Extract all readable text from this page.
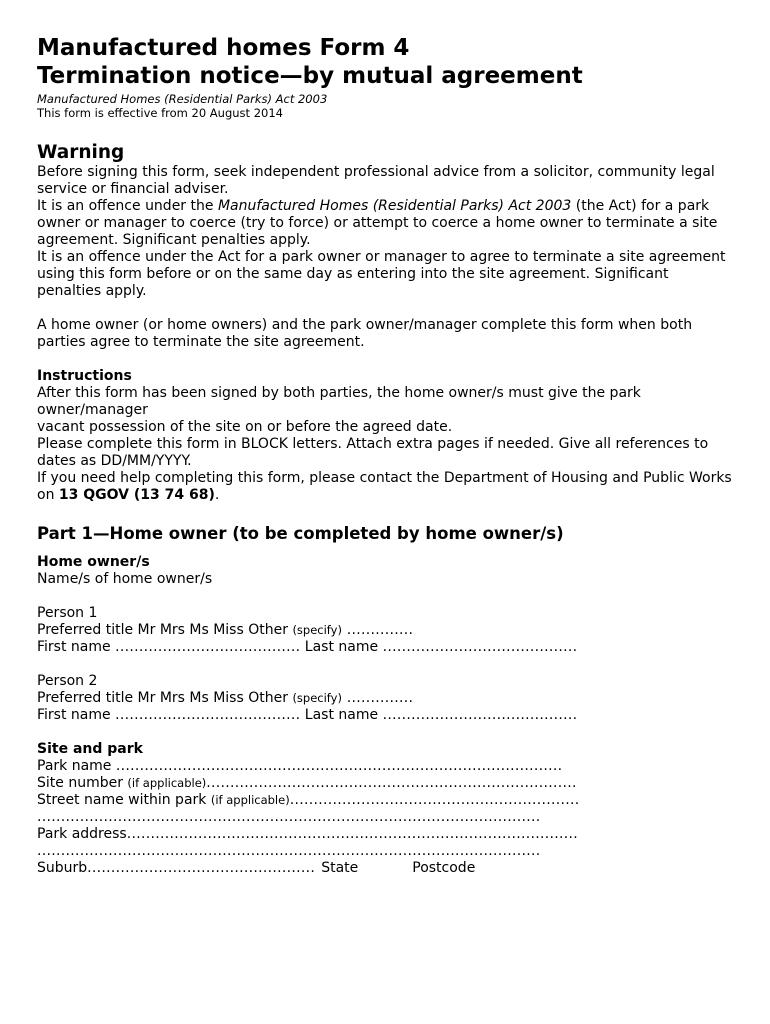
Manufactured homes Form 4
Termination notice—by mutual agreement

Manufactured Homes (Residential Parks) Act 2003

This form is effective from 20 August 2014

Warning

Before signing this form, seek independent professional advice from a solicitor, community legal service or financial adviser.

It is an offence under the Manufactured Homes (Residential Parks) Act 2003 (the Act) for a park owner or manager to coerce (try to force) or attempt to coerce a home owner to terminate a site agreement. Significant penalties apply.

It is an offence under the Act for a park owner or manager to agree to terminate a site agreement using this form before or on the same day as entering into the site agreement. Significant penalties apply.

A home owner (or home owners) and the park owner/manager complete this form when both parties agree to terminate the site agreement.

Instructions

After this form has been signed by both parties, the home owner/s must give the park owner/manager

vacant possession of the site on or before the agreed date.

Please complete this form in BLOCK letters. Attach extra pages if needed. Give all references to dates as DD/MM/YYYY.

If you need help completing this form, please contact the Department of Housing and Public Works on 13 QGOV (13 74 68).

Part 1—Home owner (to be completed by home owner/s)

Home owner/s

Name/s of home owner/s

Person 1

Preferred title Mr Mrs Ms Miss Other (specify) ..............

First name ....................................... Last name .........................................

Person 2

Preferred title Mr Mrs Ms Miss Other (specify) ..............

First name ....................................... Last name .........................................

Site and park

Park name ..............................................................................................

Site number (if applicable)..............................................................................

Street name within park (if applicable).............................................................

..........................................................................................................

Park address...............................................................................................

..........................................................................................................

Suburb................................................ State	Postcode
